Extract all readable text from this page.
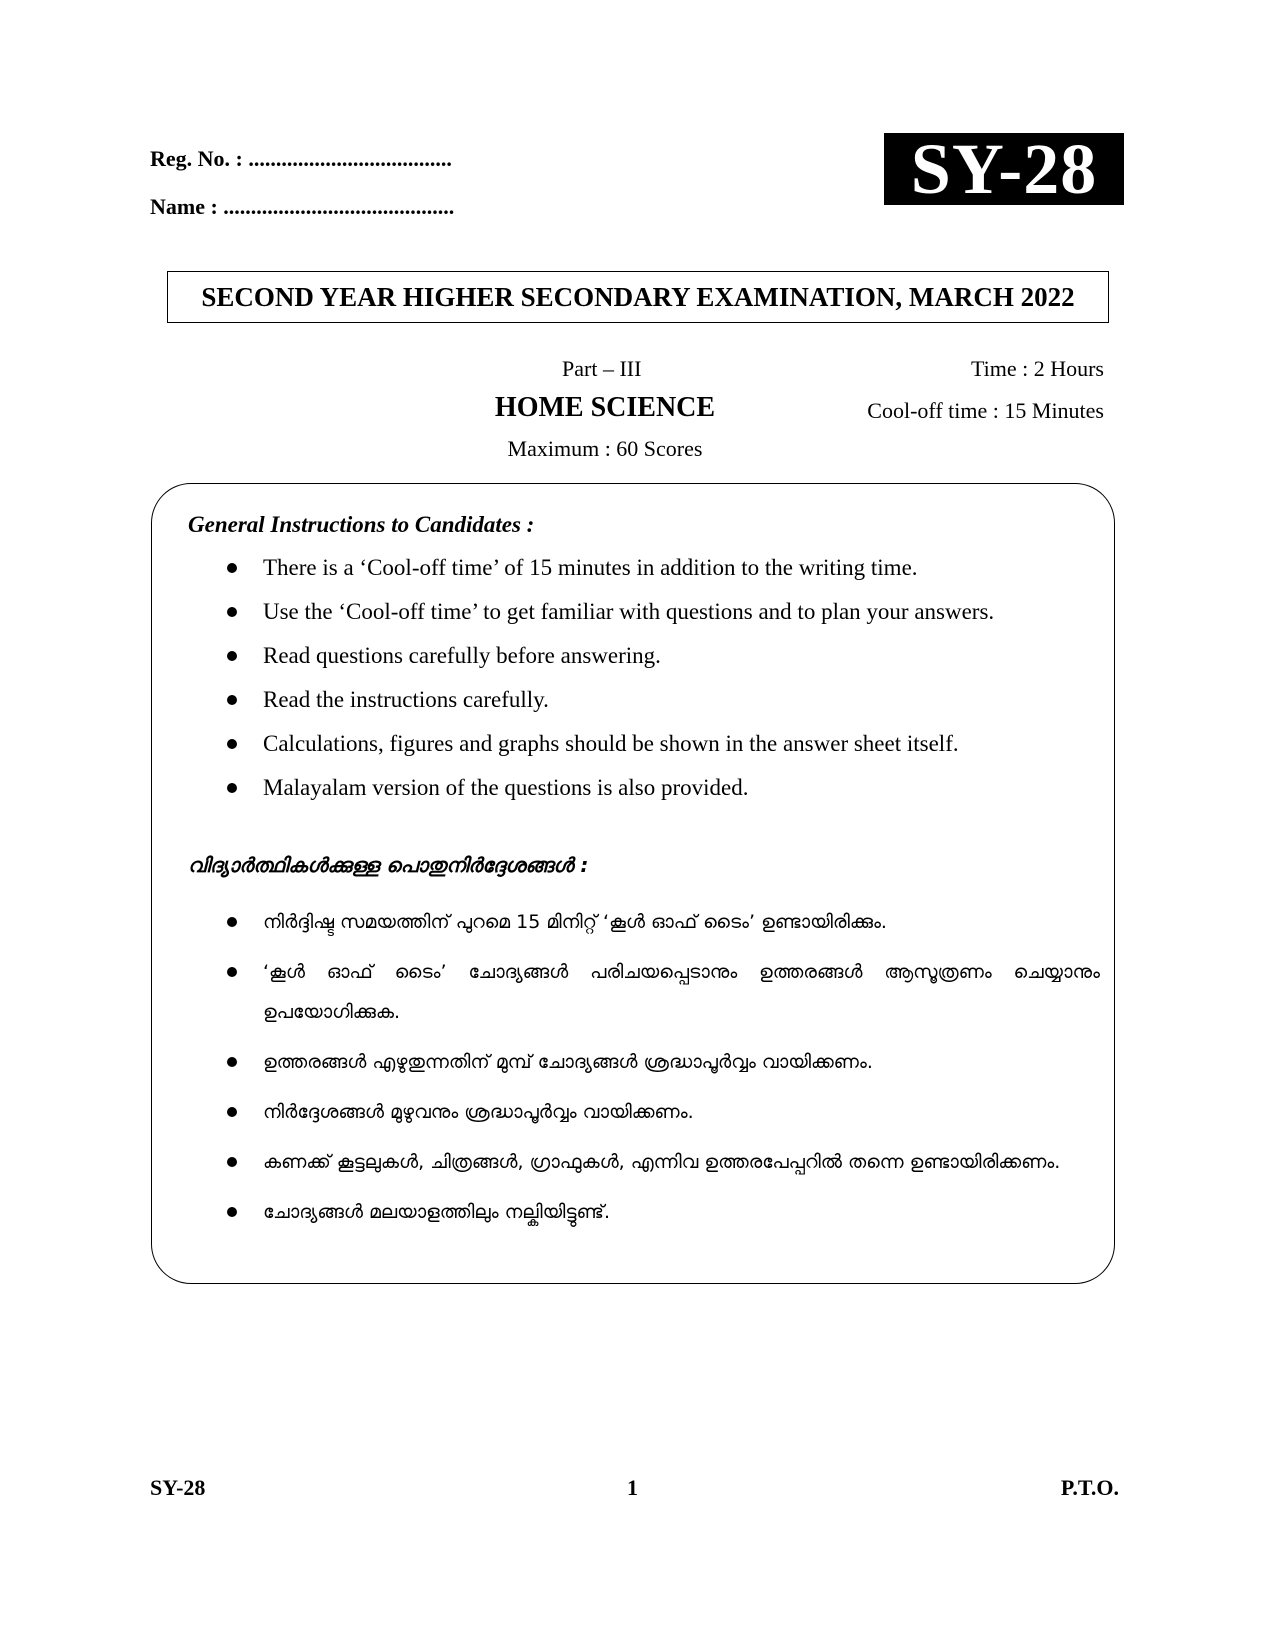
Reg. No. : .....................................
Name : ..........................................	SY-28
SECOND YEAR HIGHER SECONDARY EXAMINATION, MARCH 2022
Part – III
HOME SCIENCE
Maximum : 60 Scores
Time : 2 Hours
Cool-off time : 15 Minutes
General Instructions to Candidates :
There is a ‘Cool-off time’ of 15 minutes in addition to the writing time.
Use the ‘Cool-off time’ to get familiar with questions and to plan your answers.
Read questions carefully before answering.
Read the instructions carefully.
Calculations, figures and graphs should be shown in the answer sheet itself.
Malayalam version of the questions is also provided.
വിദ്യാർത്ഥികൾക്കുള്ള പൊതുനിർദ്ദേശങ്ങൾ :
നിർദ്ദിഷ്ട സമയത്തിന് പുറമെ 15 മിനിറ്റ് ‘കൂൾ ഓഫ് ടൈം’ ഉണ്ടായിരിക്കും.
‘കൂൾ ഓഫ് ടൈം’ ചോദ്യങ്ങൾ പരിചയപ്പെടാനും ഉത്തരങ്ങൾ ആസൂത്രണം ചെയ്യാനും ഉപയോഗിക്കുക.
ഉത്തരങ്ങൾ എഴുതുന്നതിന് മുമ്പ് ചോദ്യങ്ങൾ ശ്രദ്ധാപൂർവ്വം വായിക്കണം.
നിർദ്ദേശങ്ങൾ മുഴുവനും ശ്രദ്ധാപൂർവ്വം വായിക്കണം.
കണക്ക് കൂട്ടലുകൾ, ചിത്രങ്ങൾ, ഗ്രാഫുകൾ, എന്നിവ ഉത്തരപേപ്പറിൽ തന്നെ ഉണ്ടായിരിക്കണം.
ചോദ്യങ്ങൾ മലയാളത്തിലും നല്കിയിട്ടുണ്ട്.
SY-28	1	P.T.O.
